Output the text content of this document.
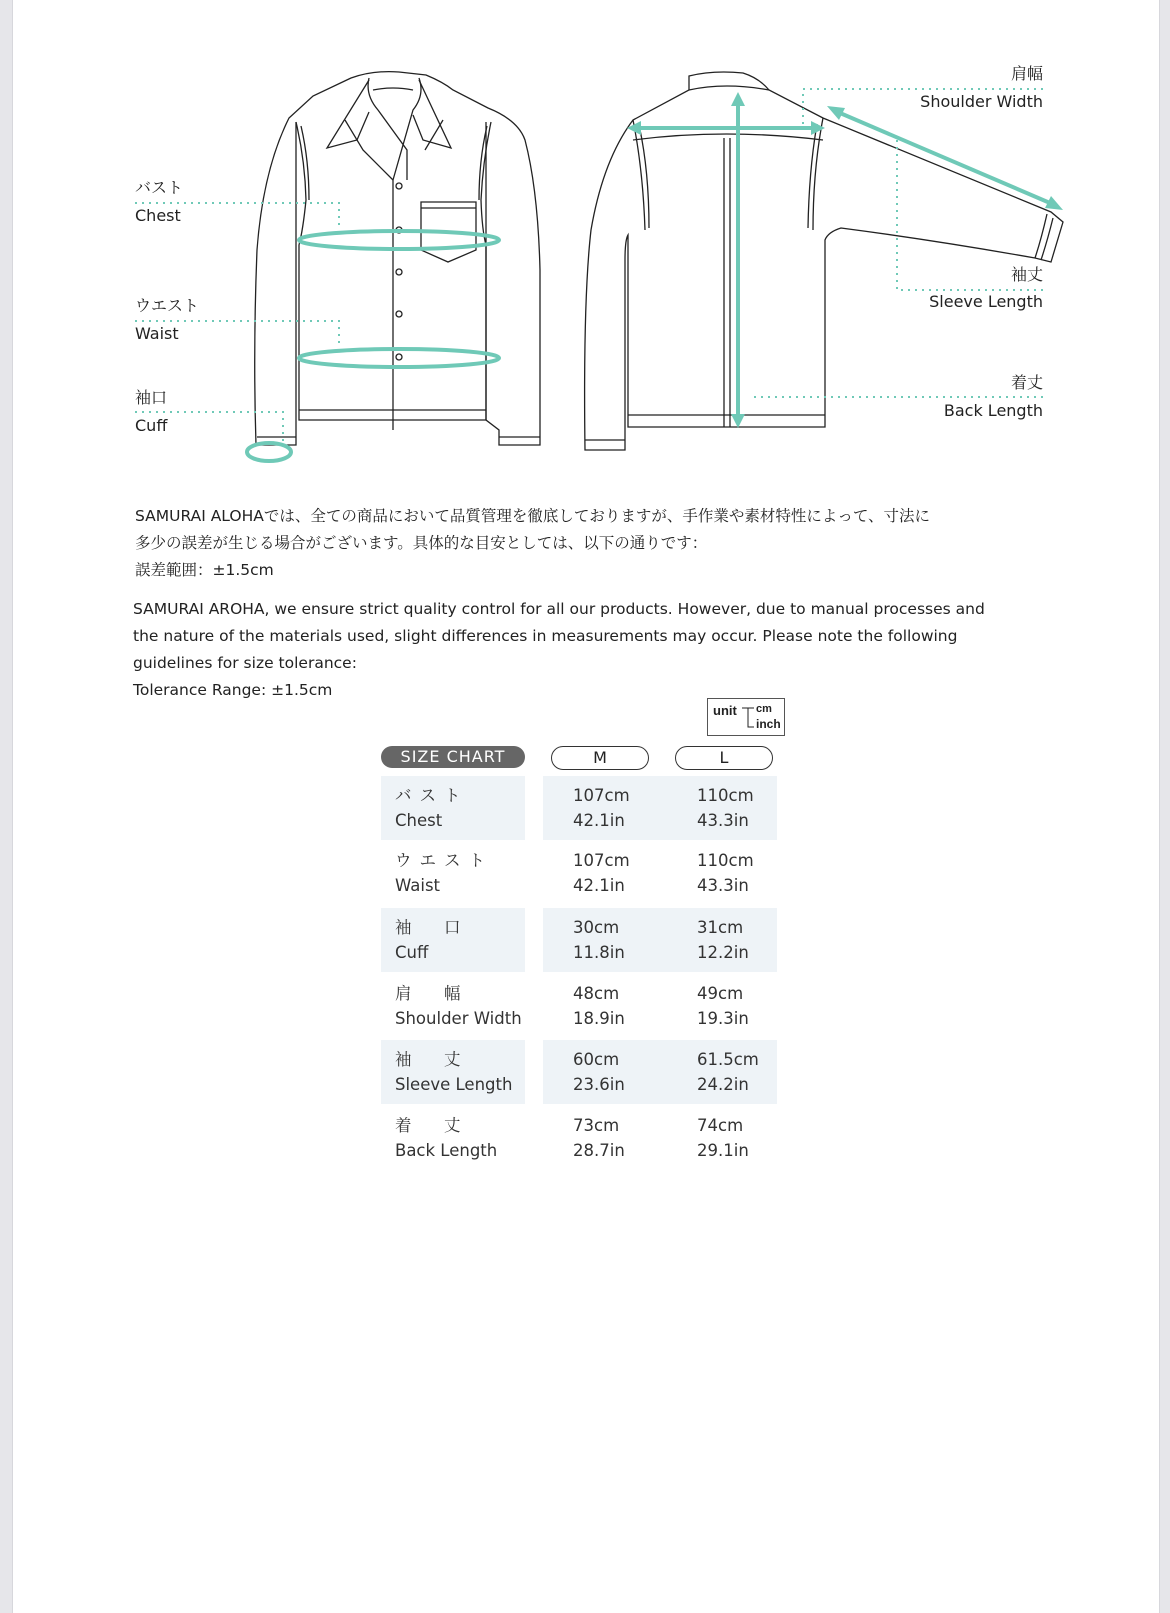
バスト
Chest
ウエスト
Waist
袖口
Cuff
肩幅
Shoulder Width
袖丈
Sleeve Length
着丈
Back Length
SAMURAI ALOHAでは、全ての商品において品質管理を徹底しておりますが、手作業や素材特性によって、寸法に
多少の誤差が生じる場合がございます。具体的な目安としては、以下の通りです：
誤差範囲：±1.5cm
SAMURAI AROHA, we ensure strict quality control for all our products. However, due to manual processes and
the nature of the materials used, slight differences in measurements may occur. Please note the following
guidelines for size tolerance:
Tolerance Range: ±1.5cm
unit cm
inch
SIZE CHART	M	L
バスト
Chest
107cm
42.1in
110cm
43.3in
ウエスト
Waist
107cm
42.1in
110cm
43.3in
袖　口
Cuff
30cm
11.8in
31cm
12.2in
肩　幅
Shoulder Width
48cm
18.9in
49cm
19.3in
袖　丈
Sleeve Length
60cm
23.6in
61.5cm
24.2in
着　丈
Back Length
73cm
28.7in
74cm
29.1in
